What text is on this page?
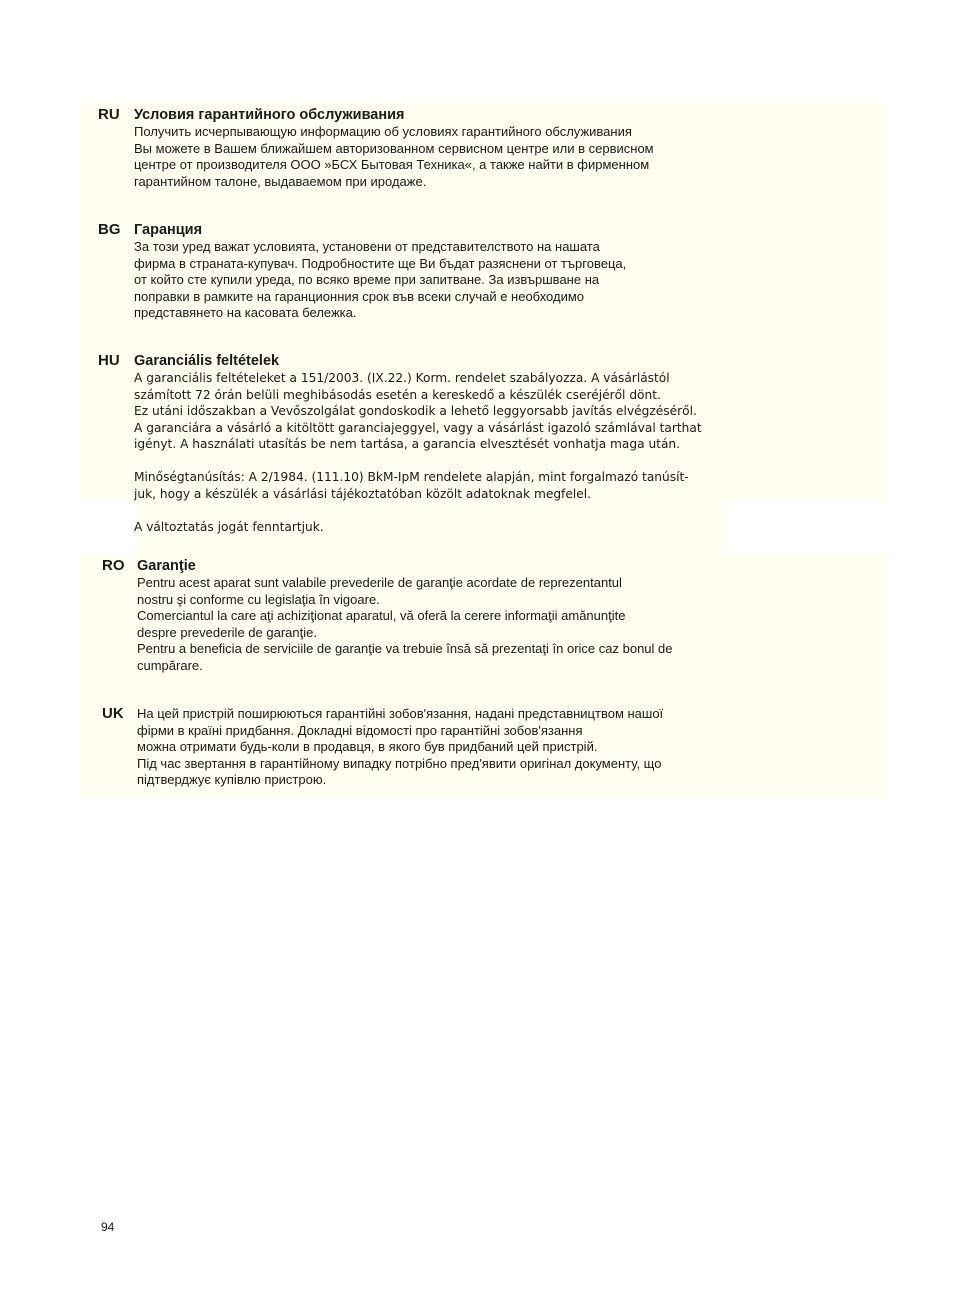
RU Условия гарантийного обслуживания

Получить исчерпывающую информацию об условиях гарантийного обслуживания

Вы можете в Вашем ближайшем авторизованном сервисном центре или в сервисном

центре от производителя ООО »БСХ Бытовая Техника«, а также найти в фирменном

гарантийном талоне, выдаваемом при иродаже.

BG Гаранция

За този уред важат условията, установени от представителството на нашата

фирма в страната-купувач. Подробностите ще Ви бъдат разяснени от търговеца,

от който сте купили уреда, по всяко време при запитване. За извършване на

поправки в рамките на гаранционния срок във всеки случай е необходимо

представянето на касовата бележка.

HU Garanciális feltételek

A garanciális feltételeket a 151/2003. (IX.22.) Korm. rendelet szabályozza. A vásárlástól

számított 72 órán belüli meghibásodás esetén a kereskedő a készülék cseréjéről dönt.

Ez utáni időszakban a Vevőszolgálat gondoskodik a lehető leggyorsabb javítás elvégzéséről.

A garanciára a vásárló a kitöltött garanciajeggyel, vagy a vásárlást igazoló számlával tarthat

igényt. A használati utasítás be nem tartása, a garancia elvesztését vonhatja maga után.

Minőségtanúsítás: A 2/1984. (111.10) BkM-IpM rendelete alapján, mint forgalmazó tanúsít-

juk, hogy a készülék a vásárlási tájékoztatóban közölt adatoknak megfelel.

A változtatás jogát fenntartjuk.

RO Garanţie

Pentru acest aparat sunt valabile prevederile de garanţie acordate de reprezentantul

nostru şi conforme cu legislaţia în vigoare.

Comerciantul la care aţi achiziţionat aparatul, vă oferă la cerere informaţii amănunţite

despre prevederile de garanţie.

Pentru a beneficia de serviciile de garanţie va trebuie însă să prezentaţi în orice caz bonul de

cumpărare.

UK На цей пристрій поширюються гарантійні зобов'язання, надані представництвом нашої

фірми в країні придбання. Докладні відомості про гарантійні зобов'язання

можна отримати будь-коли в продавця, в якого був придбаний цей пристрій.

Під час звертання в гарантійному випадку потрібно пред'явити оригінал документу, що

підтверджує купівлю пристрою.

94
